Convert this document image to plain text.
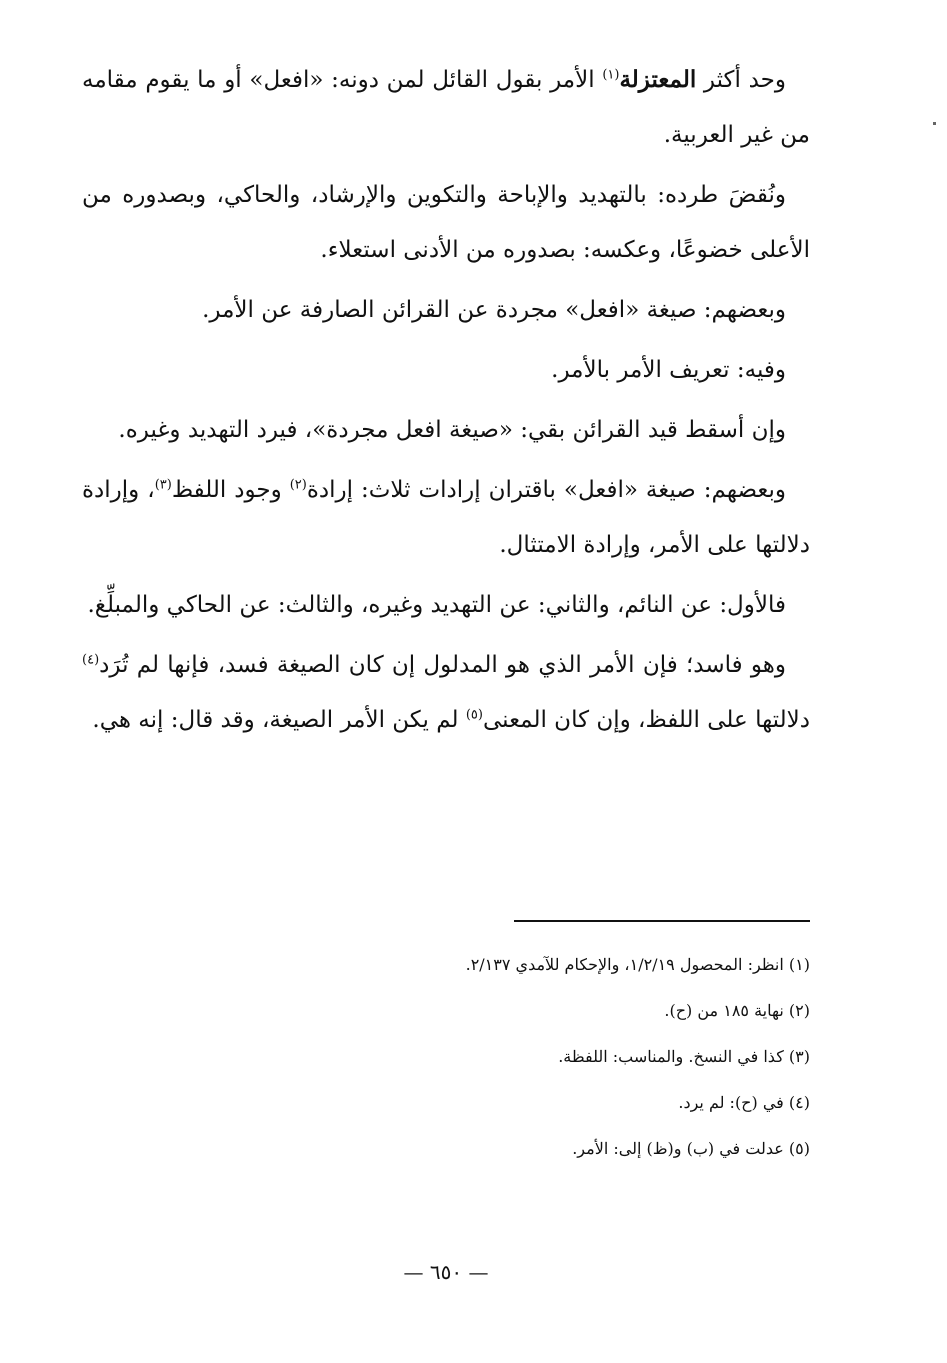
وحد أكثر المعتزلة$^{(١)}$ الأمر بقول القائل لمن دونه: «افعل» أو ما يقوم مقامه من غير العربية.

ونُقضَ طرده: بالتهديد والإباحة والتكوين والإرشاد، والحاكي، وبصدوره من الأعلى خضوعًا، وعكسه: بصدوره من الأدنى استعلاء.

وبعضهم: صيغة «افعل» مجردة عن القرائن الصارفة عن الأمر.

وفيه: تعريف الأمر بالأمر.

وإن أسقط قيد القرائن بقي: «صيغة افعل مجردة»، فيرد التهديد وغيره.

وبعضهم: صيغة «افعل» باقتران إرادات ثلاث: إرادة$^{(٢)}$ وجود اللفظ$^{(٣)}$، وإرادة دلالتها على الأمر، وإرادة الامتثال.

فالأول: عن النائم، والثاني: عن التهديد وغيره، والثالث: عن الحاكي والمبلِّغ.

وهو فاسد؛ فإن الأمر الذي هو المدلول إن كان الصيغة فسد، فإنها لم تُرَد$^{(٤)}$ دلالتها على اللفظ، وإن كان المعنى$^{(٥)}$ لم يكن الأمر الصيغة، وقد قال: إنه هي.

(١) انظر: المحصول ١/٢/١٩، والإحكام للآمدي ٢/١٣٧.
(٢) نهاية ١٨٥ من (ح).
(٣) كذا في النسخ. والمناسب: اللفظة.
(٤) في (ح): لم يرد.
(٥) عدلت في (ب) و(ظ) إلى: الأمر.
— ٦٥٠ —
